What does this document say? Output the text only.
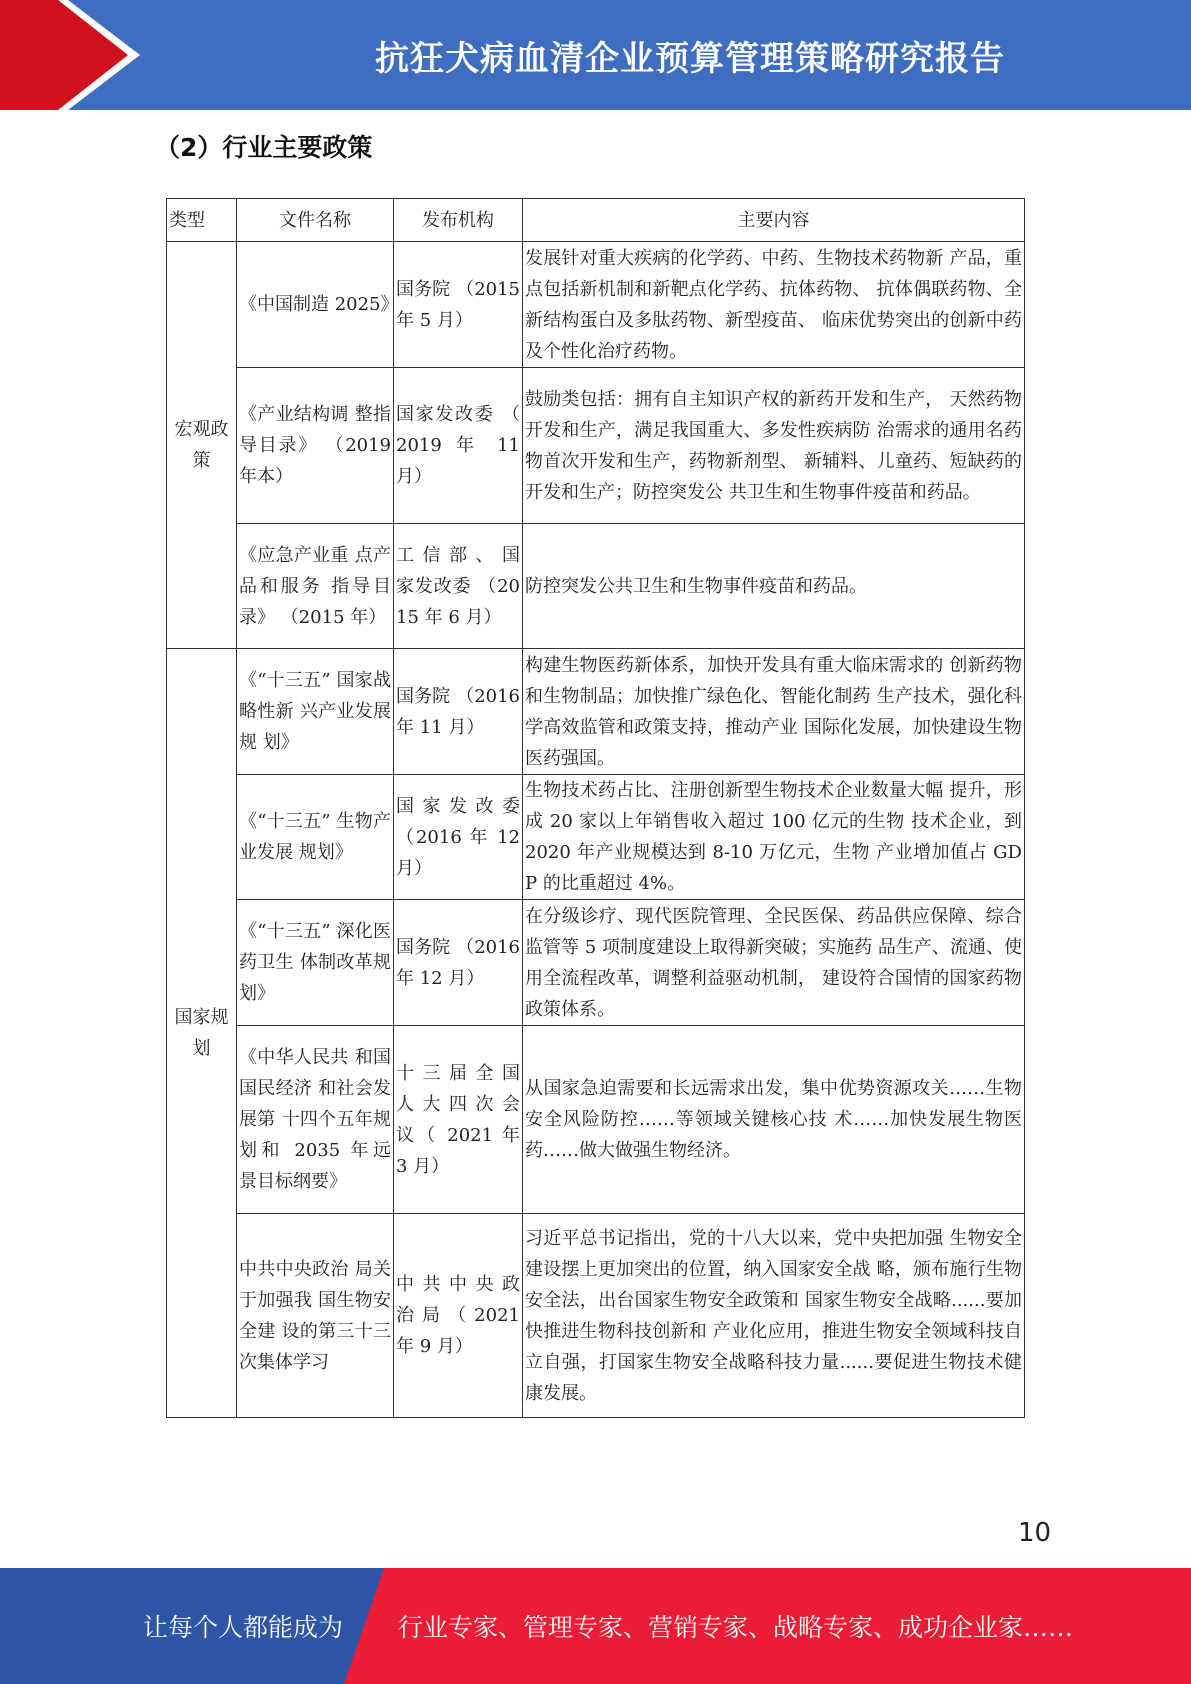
抗狂犬病血清企业预算管理策略研究报告
（2）行业主要政策
类型	文件名称	发布机构	主要内容
宏观政策	《中国制造 2025》	国务院 （2015 年 5 月）	发展针对重大疾病的化学药、中药、生物技术药物新 产品，重点包括新机制和新靶点化学药、抗体药物、 抗体偶联药物、全新结构蛋白及多肽药物、新型疫苗、 临床优势突出的创新中药及个性化治疗药物。
	《产业结构调 整指导目录》 （2019 年本）	国家发改委 （ 2019 年 11 月）	鼓励类包括：拥有自主知识产权的新药开发和生产， 天然药物开发和生产，满足我国重大、多发性疾病防 治需求的通用名药物首次开发和生产，药物新剂型、 新辅料、儿童药、短缺药的开发和生产；防控突发公 共卫生和生物事件疫苗和药品。
	《应急产业重 点产品和服务 指导目录》 （2015 年）	工 信 部 、 国 家发改委 （2015 年 6 月）	防控突发公共卫生和生物事件疫苗和药品。
国家规划	《“十三五” 国家战略性新 兴产业发展规 划》	国务院 （2016 年 11 月）	构建生物医药新体系，加快开发具有重大临床需求的 创新药物和生物制品；加快推广绿色化、智能化制药 生产技术，强化科学高效监管和政策支持，推动产业 国际化发展，加快建设生物医药强国。
	《“十三五” 生物产业发展 规划》	国家发改委 （2016 年 12 月）	生物技术药占比、注册创新型生物技术企业数量大幅 提升，形成 20 家以上年销售收入超过 100 亿元的生物 技术企业，到 2020 年产业规模达到 8-10 万亿元，生物 产业增加值占 GDP 的比重超过 4%。
	《“十三五” 深化医药卫生 体制改革规 划》	国务院 （2016 年 12 月）	在分级诊疗、现代医院管理、全民医保、药品供应保障、综合监管等 5 项制度建设上取得新突破；实施药 品生产、流通、使用全流程改革，调整利益驱动机制， 建设符合国情的国家药物政策体系。
	《中华人民共 和国国民经济 和社会发展第 十四个五年规 划和 2035 年远 景目标纲要》	十 三 届 全 国 人 大 四 次 会 议（ 2021 年 3 月）	从国家急迫需要和长远需求出发，集中优势资源攻关……生物安全风险防控……等领域关键核心技 术……加快发展生物医药……做大做强生物经济。
	中共中央政治 局关于加强我 国生物安全建 设的第三十三 次集体学习	中 共 中 央 政 治 局 （ 2021 年 9 月）	习近平总书记指出，党的十八大以来，党中央把加强 生物安全建设摆上更加突出的位置，纳入国家安全战 略，颁布施行生物安全法，出台国家生物安全政策和 国家生物安全战略......要加快推进生物科技创新和 产业化应用，推进生物安全领域科技自立自强，打国家生物安全战略科技力量......要促进生物技术健 康发展。
10
让每个人都能成为 行业专家、管理专家、营销专家、战略专家、成功企业家……
